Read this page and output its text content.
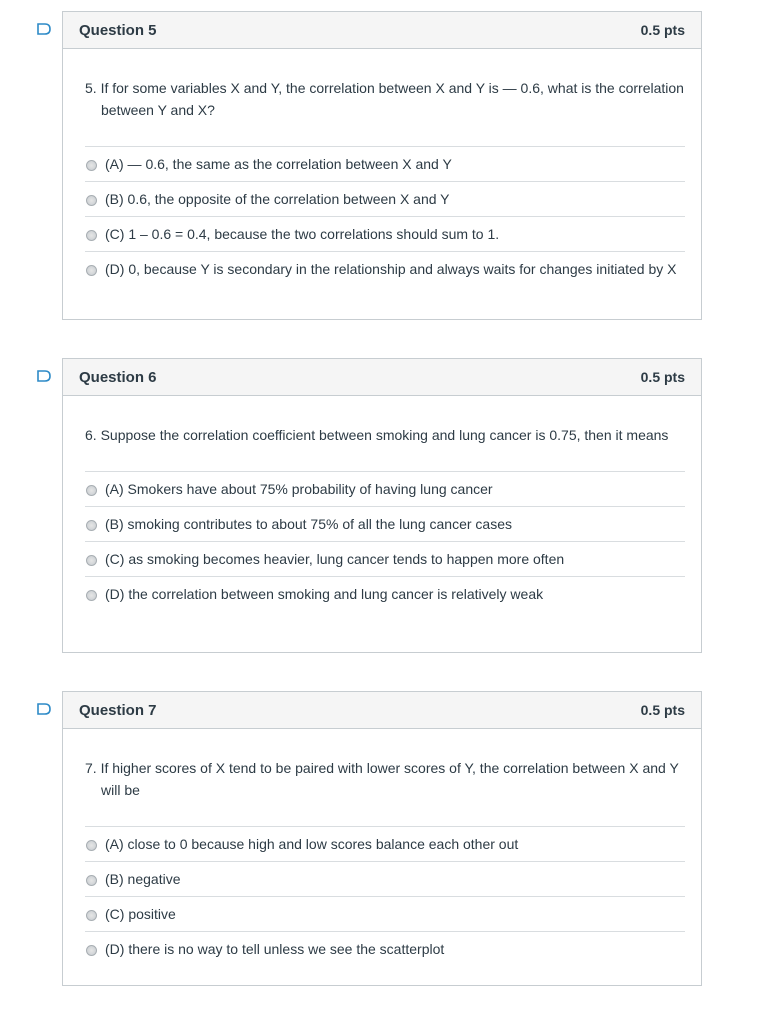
Question 5	0.5 pts
5. If for some variables X and Y, the correlation between X and Y is — 0.6, what is the correlation between Y and X?
(A) — 0.6, the same as the correlation between X and Y
(B) 0.6, the opposite of the correlation between X and Y
(C) 1 – 0.6 = 0.4, because the two correlations should sum to 1.
(D) 0, because Y is secondary in the relationship and always waits for changes initiated by X
Question 6	0.5 pts
6. Suppose the correlation coefficient between smoking and lung cancer is 0.75, then it means
(A) Smokers have about 75% probability of having lung cancer
(B) smoking contributes to about 75% of all the lung cancer cases
(C) as smoking becomes heavier, lung cancer tends to happen more often
(D) the correlation between smoking and lung cancer is relatively weak
Question 7	0.5 pts
7. If higher scores of X tend to be paired with lower scores of Y, the correlation between X and Y will be
(A) close to 0 because high and low scores balance each other out
(B) negative
(C) positive
(D) there is no way to tell unless we see the scatterplot
